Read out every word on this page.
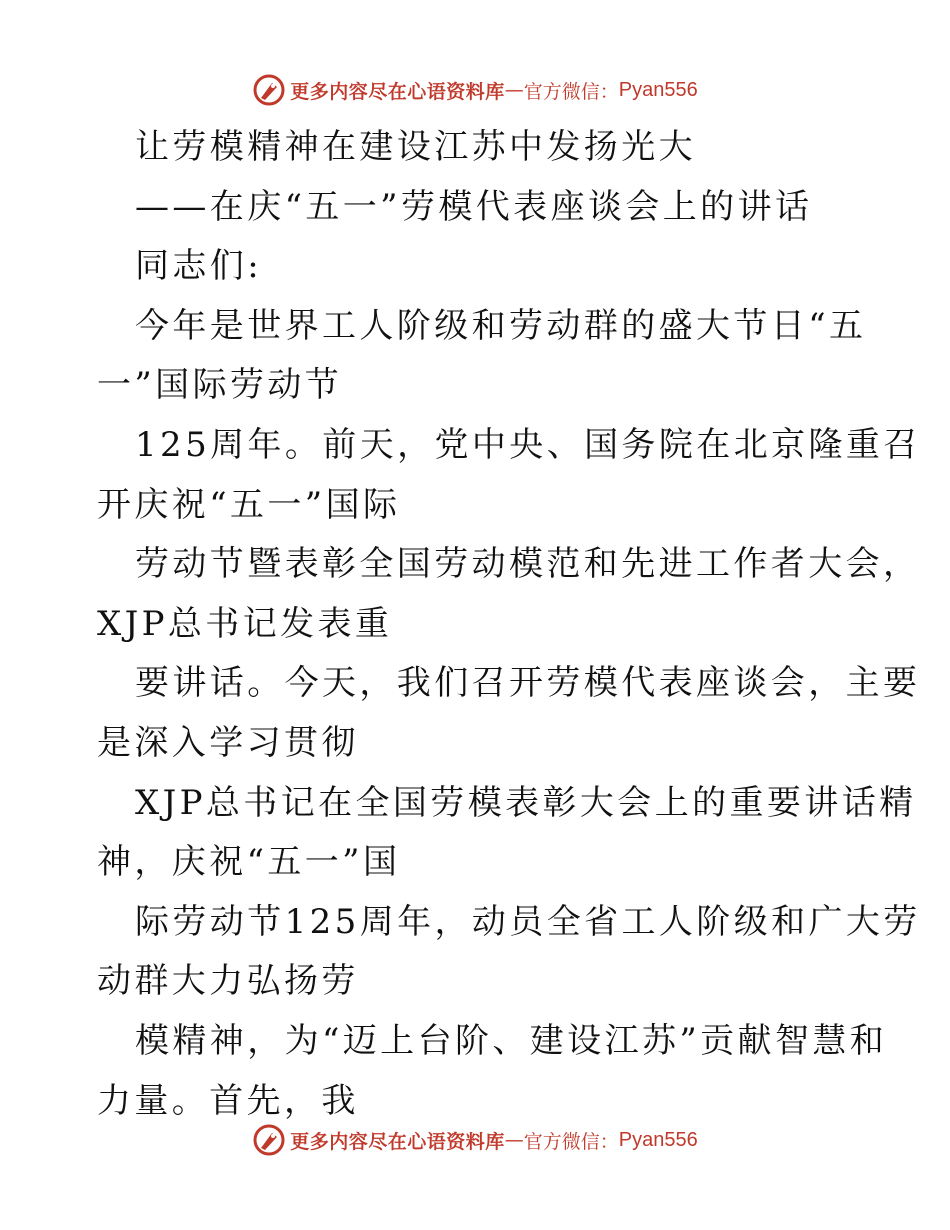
更多内容尽在心语资料库 — 官方微信： Pyan556
让劳模精神在建设江苏中发扬光大
——在庆“五一”劳模代表座谈会上的讲话
同志们:
今年是世界工人阶级和劳动群的盛大节日“五
一”国际劳动节
125周年。前天，党中央、国务院在北京隆重召
开庆祝“五一”国际
劳动节暨表彰全国劳动模范和先进工作者大会，
XJP总书记发表重
要讲话。今天，我们召开劳模代表座谈会，主要
是深入学习贯彻
XJP总书记在全国劳模表彰大会上的重要讲话精
神，庆祝“五一”国
际劳动节125周年，动员全省工人阶级和广大劳
动群大力弘扬劳
模精神，为“迈上台阶、建设江苏”贡献智慧和
力量。首先，我
更多内容尽在心语资料库 — 官方微信： Pyan556
